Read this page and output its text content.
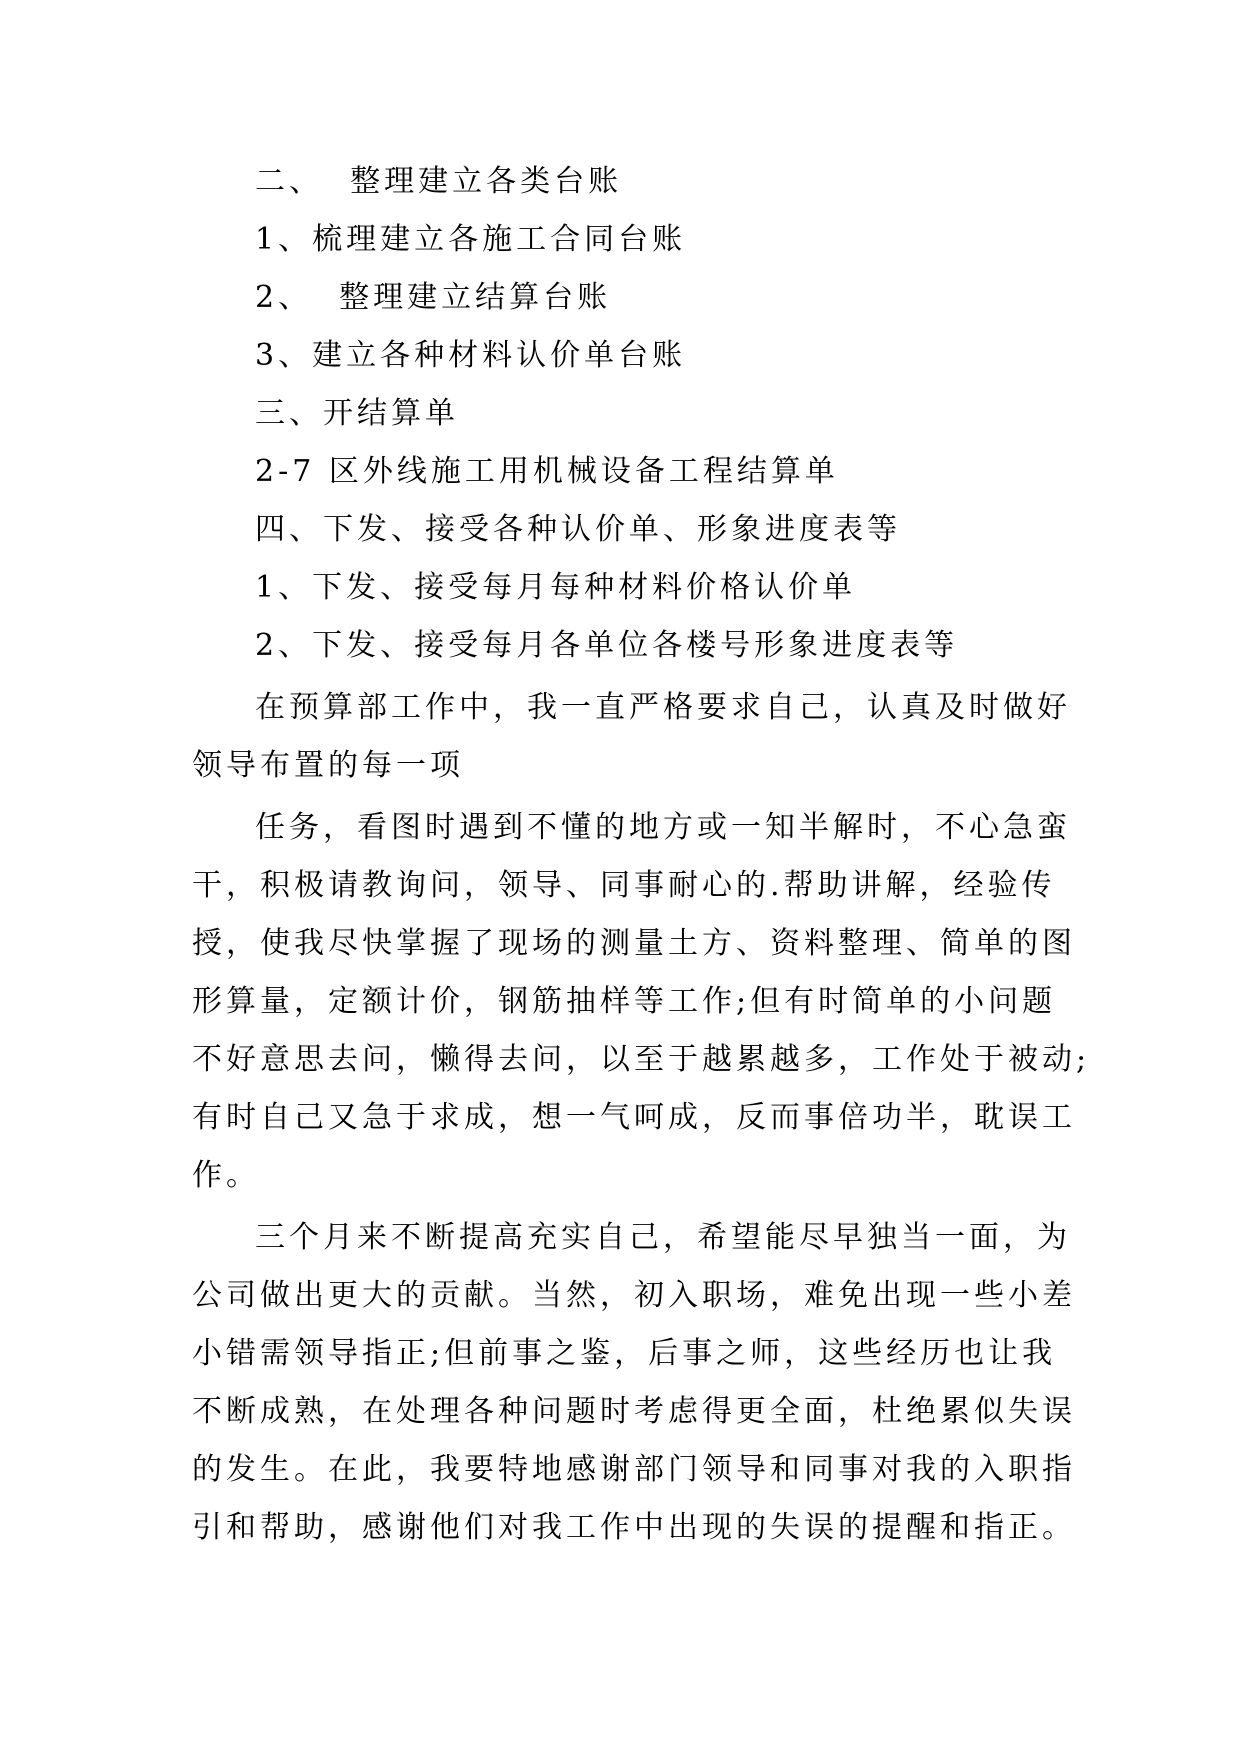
二、  整理建立各类台账
1、梳理建立各施工合同台账
2、  整理建立结算台账
3、建立各种材料认价单台账
三、开结算单
2-7 区外线施工用机械设备工程结算单
四、下发、接受各种认价单、形象进度表等
1、下发、接受每月每种材料价格认价单
2、下发、接受每月各单位各楼号形象进度表等
在预算部工作中，我一直严格要求自己，认真及时做好
领导布置的每一项
任务，看图时遇到不懂的地方或一知半解时，不心急蛮
干，积极请教询问，领导、同事耐心的.帮助讲解，经验传
授，使我尽快掌握了现场的测量土方、资料整理、简单的图
形算量，定额计价，钢筋抽样等工作;但有时简单的小问题
不好意思去问，懒得去问，以至于越累越多，工作处于被动;
有时自己又急于求成，想一气呵成，反而事倍功半，耽误工
作。
三个月来不断提高充实自己，希望能尽早独当一面，为
公司做出更大的贡献。当然，初入职场，难免出现一些小差
小错需领导指正;但前事之鉴，后事之师，这些经历也让我
不断成熟，在处理各种问题时考虑得更全面，杜绝累似失误
的发生。在此，我要特地感谢部门领导和同事对我的入职指
引和帮助，感谢他们对我工作中出现的失误的提醒和指正。
